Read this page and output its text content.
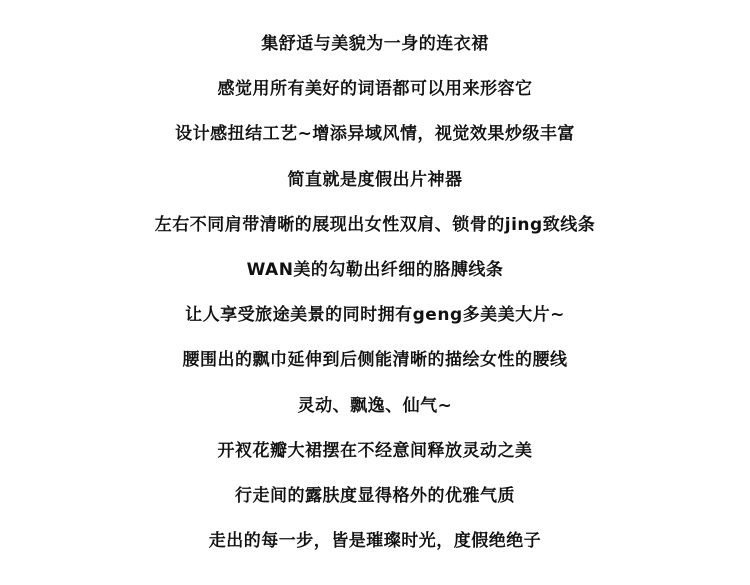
集舒适与美貌为一身的连衣裙
感觉用所有美好的词语都可以用来形容它
设计感扭结工艺~增添异域风情，视觉效果炒级丰富
简直就是度假出片神器
左右不同肩带清晰的展现出女性双肩、锁骨的jing致线条
WAN美的勾勒出纤细的胳膊线条
让人享受旅途美景的同时拥有geng多美美大片~
腰围出的飘巾延伸到后侧能清晰的描绘女性的腰线
灵动、飘逸、仙气~
开衩花瓣大裙摆在不经意间释放灵动之美
行走间的露肤度显得格外的优雅气质
走出的每一步，皆是璀璨时光，度假绝绝子
